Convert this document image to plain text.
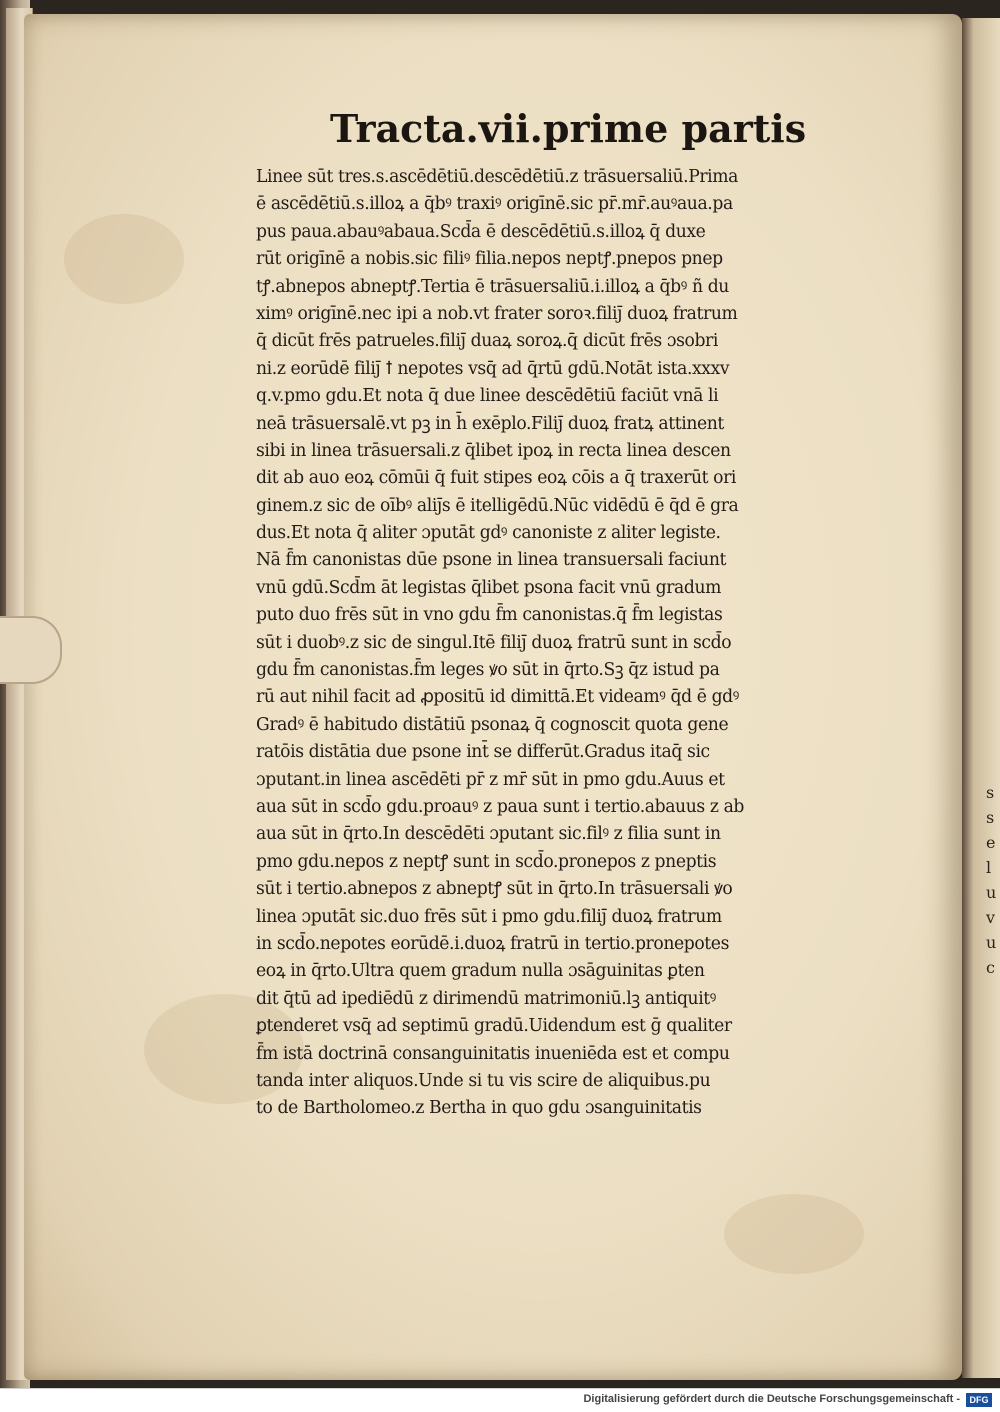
s
s
e
l
u
v
u
c
Tracta.vii.prime partis
Linee sūt tres.s.ascēdētiū.descēdētiū.z trāsuersaliū.Prima
ē ascēdētiū.s.illoꝝ a q̄bꝰ traxiꝰ origīnē.sic pr̄.mr̄.auꝰaua.pa
pus paua.abauꝰabaua.Scd̄a ē descēdētiū.s.illoꝝ q̄ duxe
rūt origīnē a nobis.sic filiꝰ filia.nepos neptꝭ.pnepos pnep
tꝭ.abnepos abneptꝭ.Tertia ē trāsuersaliū.i.illoꝝ a q̄bꝰ ñ du
ximꝰ origīnē.nec ipi a nob.vt frater soroꝛ.filiȷ̄ duoꝝ fratrum
q̄ dicūt frēs patrueles.filiȷ̄ duaꝝ soroꝝ.q̄ dicūt frēs ɔsobri
ni.z eorūdē filiȷ̄ ꝉ nepotes vsq̄ ad q̄rtū gdū.Notāt ista.xxxv
q.v.pmo gdu.Et nota q̄ due linee descēdētiū faciūt vnā li
neā trāsuersalē.vt pꝫ in h̄ exēplo.Filiȷ̄ duoꝝ fratꝝ attinent
sibi in linea trāsuersali.z q̄libet ipoꝝ in recta linea descen
dit ab auo eoꝝ cōmūi q̄ fuit stipes eoꝝ cōis a q̄ traxerūt ori
ginem.z sic de oībꝰ aliȷ̄s ē itelligēdū.Nūc vidēdū ē q̄d ē gra
dus.Et nota q̄ aliter ɔputāt gdꝰ canoniste z aliter legiste.
Nā f̄m canonistas dūe psone in linea transuersali faciunt
vnū gdū.Scd̄m āt legistas q̄libet psona facit vnū gradum
puto duo frēs sūt in vno gdu f̄m canonistas.q̄ f̄m legistas
sūt i duobꝰ.z sic de singul.Itē filiȷ̄ duoꝝ fratrū sunt in scd̄o
gdu f̄m canonistas.f̄m leges ꝟo sūt in q̄rto.Sꝫ q̄z istud pa
rū aut nihil facit ad ꝓpositū id dimittā.Et videamꝰ q̄d ē gdꝰ
Gradꝰ ē habitudo distātiū psonaꝝ q̄ cognoscit quota gene
ratōis distātia due psone int̄ se differūt.Gradus itaq̄ sic
ɔputant.in linea ascēdēti pr̄ z mr̄ sūt in pmo gdu.Auus et
aua sūt in scd̄o gdu.proauꝰ z paua sunt i tertio.abauus z ab
aua sūt in q̄rto.In descēdēti ɔputant sic.filꝰ z filia sunt in
pmo gdu.nepos z neptꝭ sunt in scd̄o.pronepos z pneptis
sūt i tertio.abnepos z abneptꝭ sūt in q̄rto.In trāsuersali ꝟo
linea ɔputāt sic.duo frēs sūt i pmo gdu.filiȷ̄ duoꝝ fratrum
in scd̄o.nepotes eorūdē.i.duoꝝ fratrū in tertio.pronepotes
eoꝝ in q̄rto.Ultra quem gradum nulla ɔsāguinitas ꝑten
dit q̄tū ad ipediēdū z dirimendū matrimoniū.lꝫ antiquitꝰ
ꝑtenderet vsq̄ ad septimū gradū.Uidendum est ḡ qualiter
f̄m istā doctrinā consanguinitatis inueniēda est et compu
tanda inter aliquos.Unde si tu vis scire de aliquibus.pu
to de Bartholomeo.z Bertha in quo gdu ɔsanguinitatis
Digitalisierung gefördert durch die Deutsche Forschungsgemeinschaft -	DFG
